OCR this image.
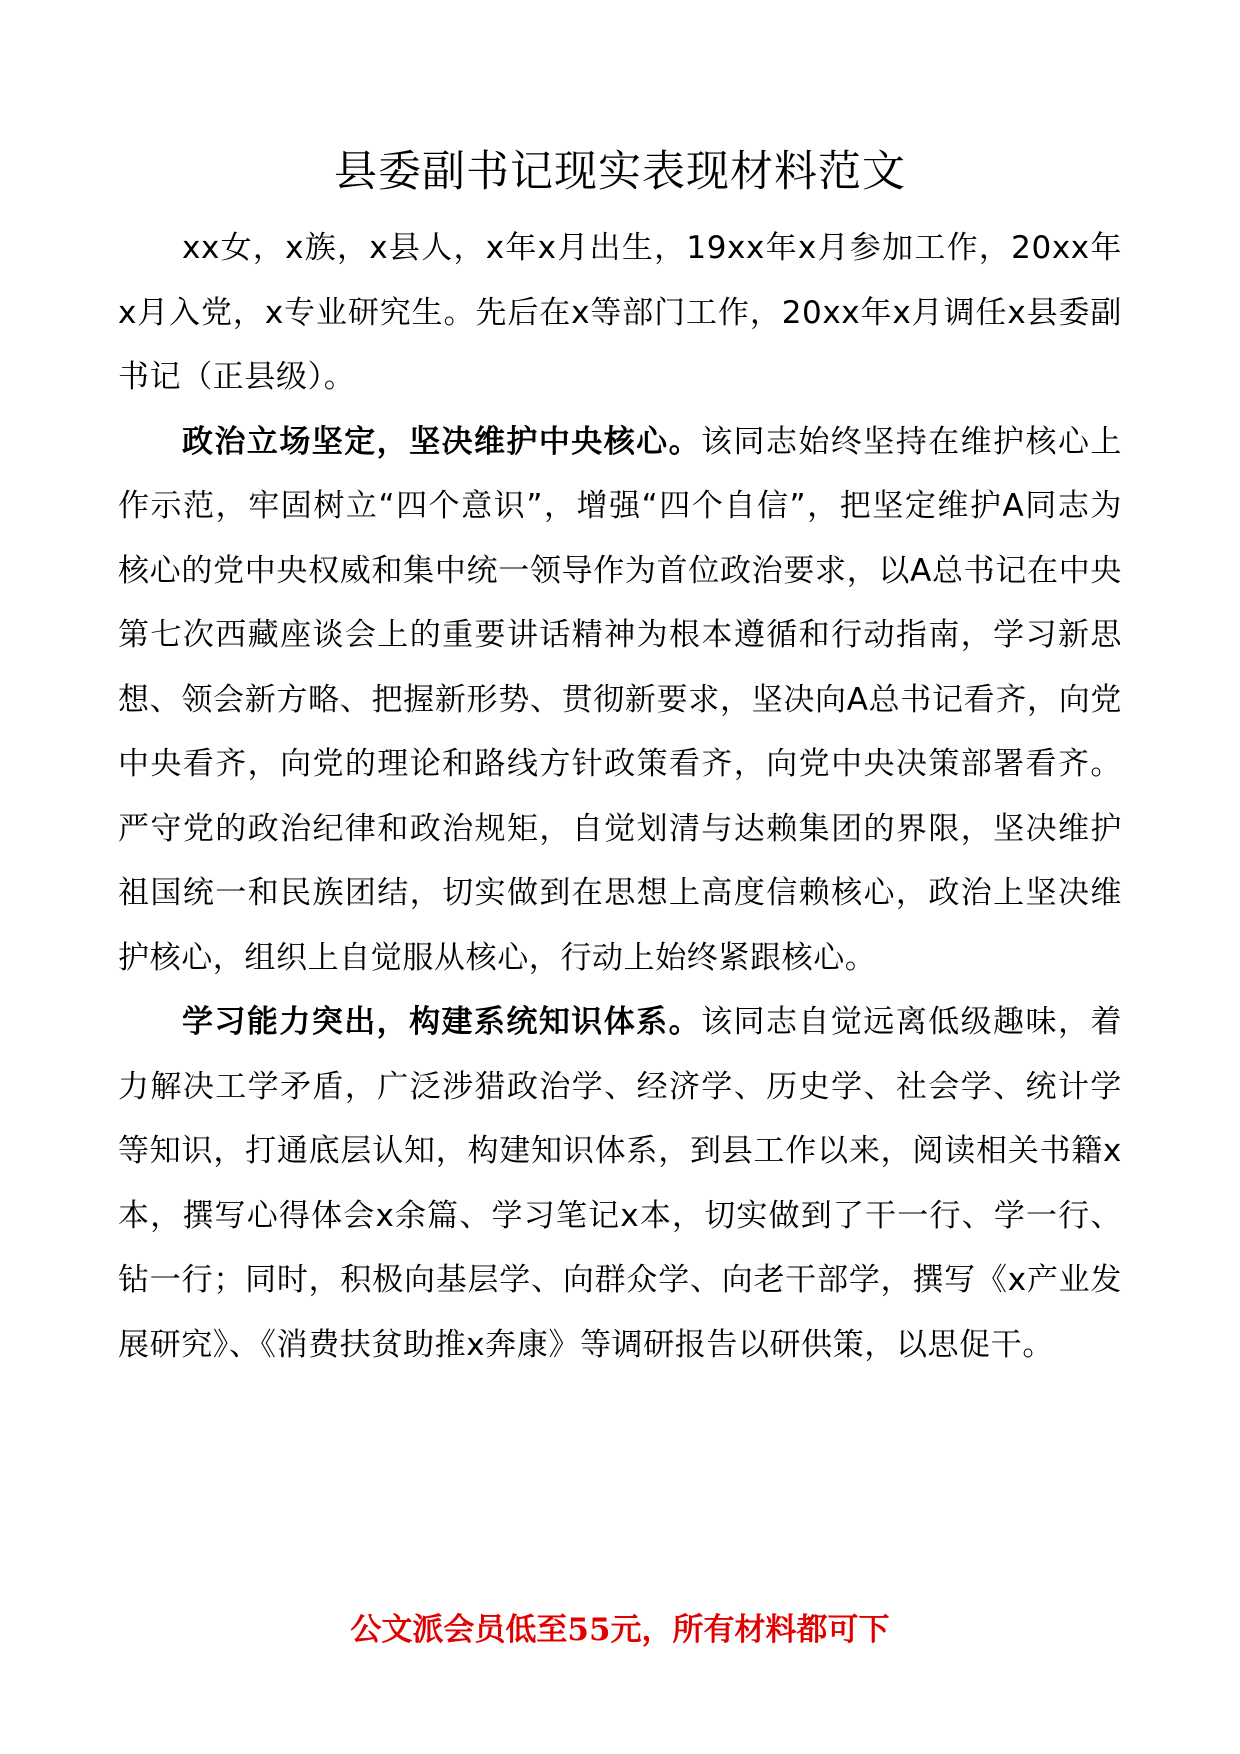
县委副书记现实表现材料范文

xx女，x族，x县人，x年x月出生，19xx年x月参加工作，20xx年x月入党，x专业研究生。先后在x等部门工作，20xx年x月调任x县委副书记（正县级）。

政治立场坚定，坚决维护中央核心。该同志始终坚持在维护核心上作示范，牢固树立“四个意识”，增强“四个自信”，把坚定维护A同志为核心的党中央权威和集中统一领导作为首位政治要求，以A总书记在中央第七次西藏座谈会上的重要讲话精神为根本遵循和行动指南，学习新思想、领会新方略、把握新形势、贯彻新要求，坚决向A总书记看齐，向党中央看齐，向党的理论和路线方针政策看齐，向党中央决策部署看齐。严守党的政治纪律和政治规矩，自觉划清与达赖集团的界限，坚决维护祖国统一和民族团结，切实做到在思想上高度信赖核心，政治上坚决维护核心，组织上自觉服从核心，行动上始终紧跟核心。

学习能力突出，构建系统知识体系。该同志自觉远离低级趣味，着力解决工学矛盾，广泛涉猎政治学、经济学、历史学、社会学、统计学等知识，打通底层认知，构建知识体系，到县工作以来，阅读相关书籍x本，撰写心得体会x余篇、学习笔记x本，切实做到了干一行、学一行、钻一行；同时，积极向基层学、向群众学、向老干部学，撰写《x产业发展研究》、《消费扶贫助推x奔康》等调研报告以研供策，以思促干。

公文派会员低至55元，所有材料都可下
